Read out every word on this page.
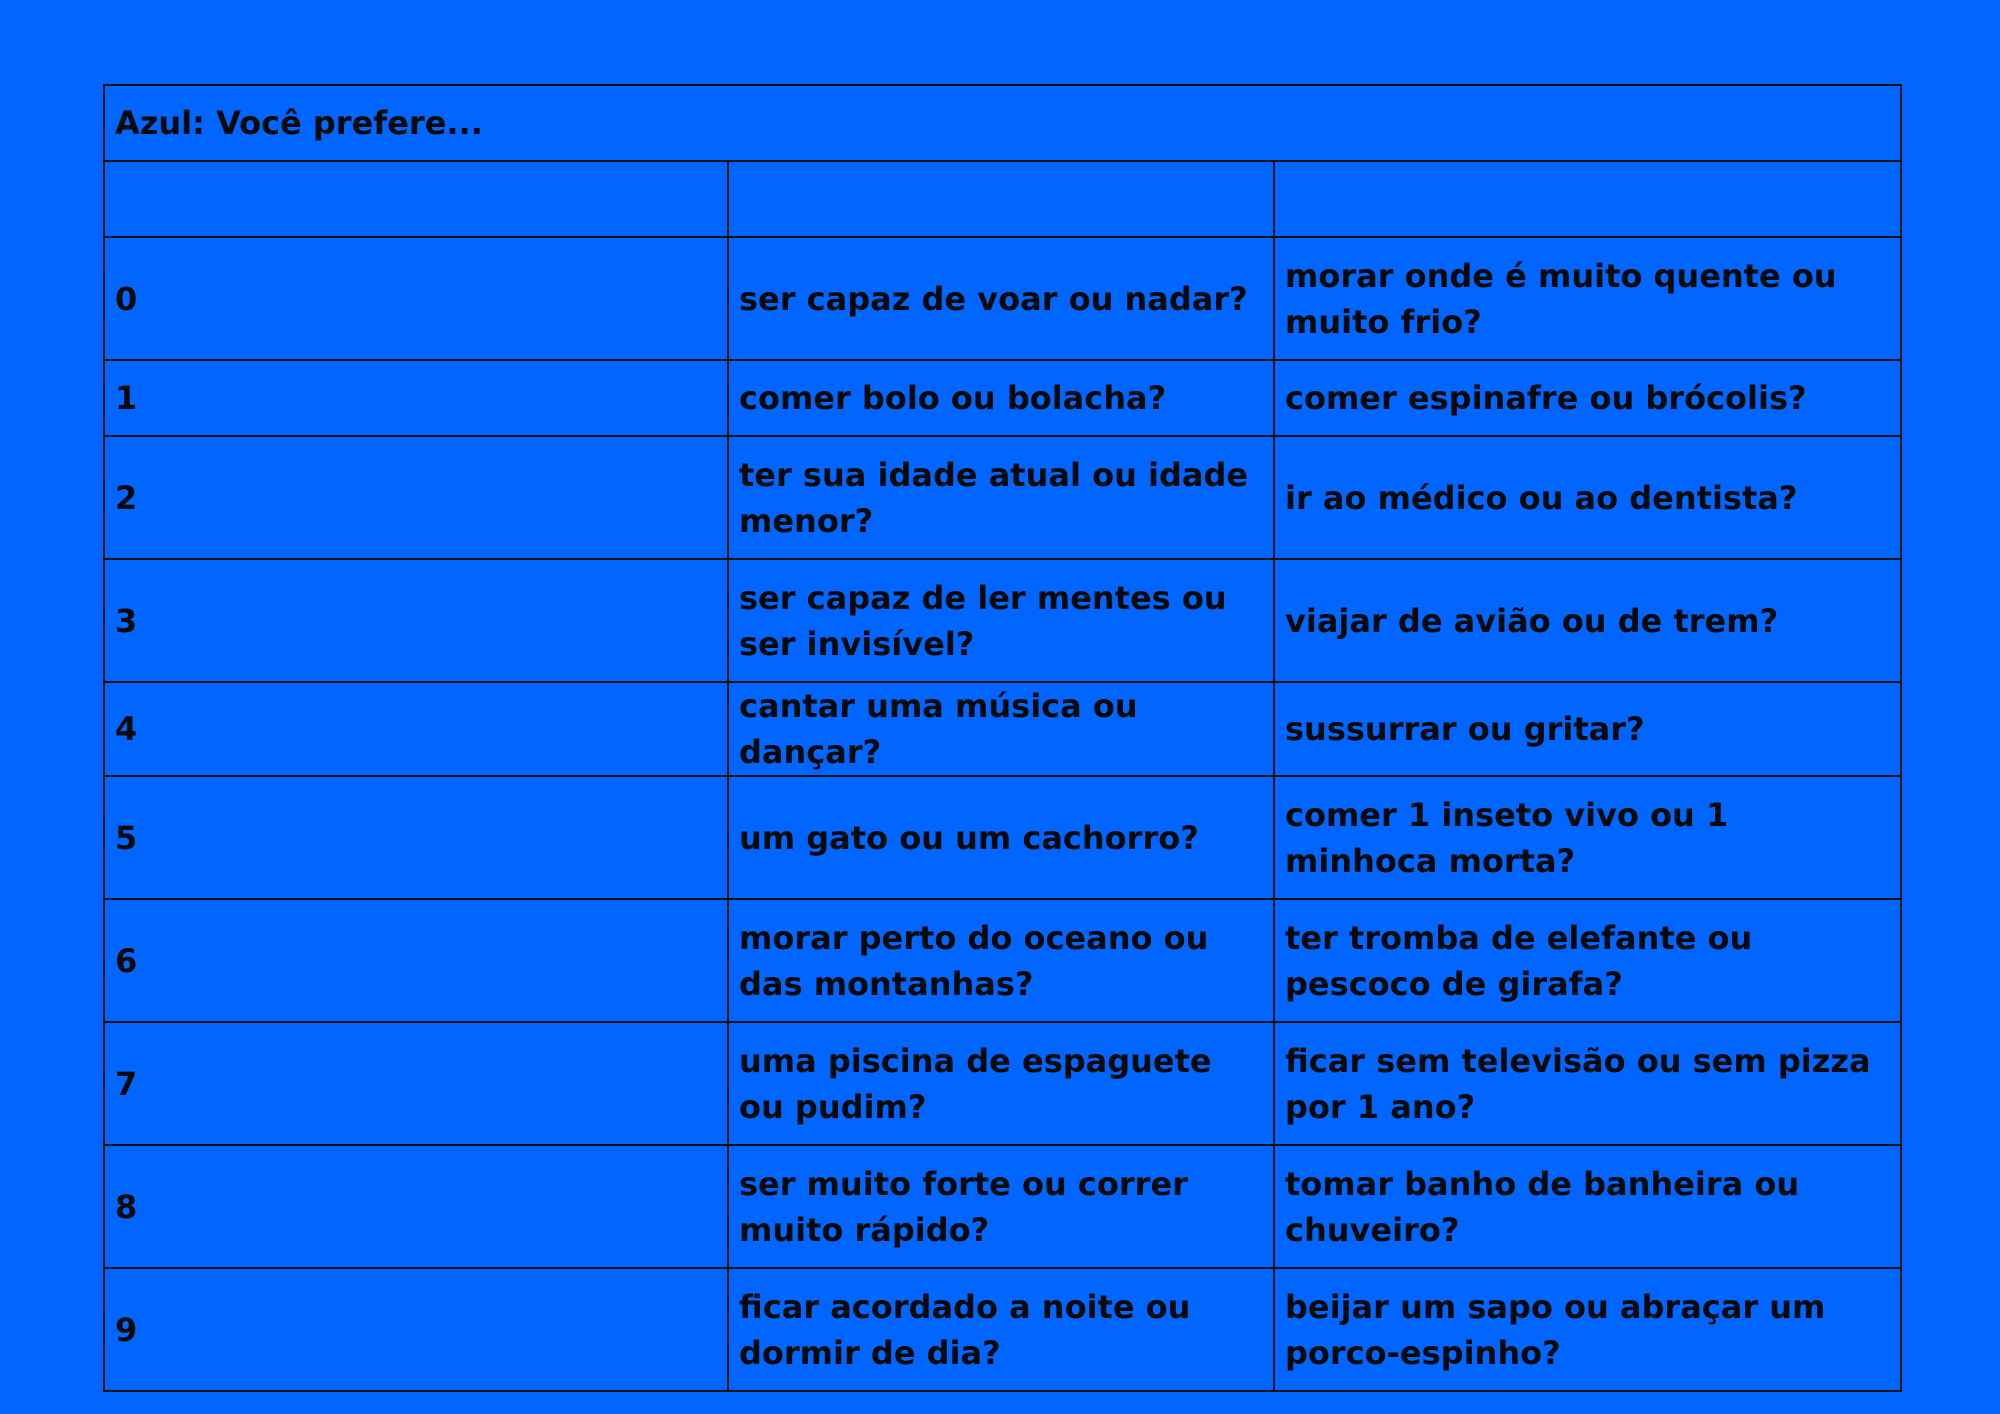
Azul: Você prefere...		

0	ser capaz de voar ou nadar?	morar onde é muito quente ou muito frio?
1	comer bolo ou bolacha?	comer espinafre ou brócolis?
2	ter sua idade atual ou idade menor?	ir ao médico ou ao dentista?
3	ser capaz de ler mentes ou ser invisível?	viajar de avião ou de trem?
4	cantar uma música ou dançar?	sussurrar ou gritar?
5	um gato ou um cachorro?	comer 1 inseto vivo ou 1 minhoca morta?
6	morar perto do oceano ou das montanhas?	ter tromba de elefante ou pescoco de girafa?
7	uma piscina de espaguete ou pudim?	ficar sem televisão ou sem pizza por 1 ano?
8	ser muito forte ou correr muito rápido?	tomar banho de banheira ou chuveiro?
9	ficar acordado a noite ou dormir de dia?	beijar um sapo ou abraçar um porco-espinho?
